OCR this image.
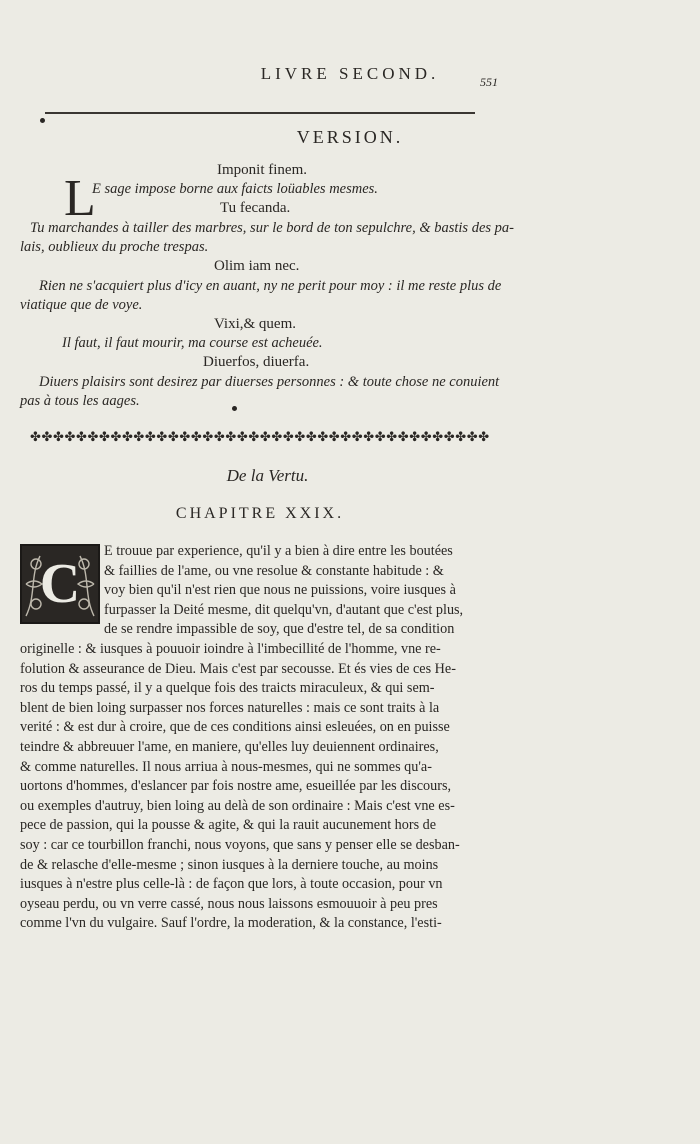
LIVRE SECOND.	551
VERSION.
L	Imponit finem.
E sage impose borne aux faicts loüables mesmes.
Tu fecanda.
Tu marchandes à tailler des marbres, sur le bord de ton sepulchre, & bastis des pa-
lais, oublieux du proche trespas.
Olim iam nec.
Rien ne s'acquiert plus d'icy en auant, ny ne perit pour moy : il me reste plus de
viatique que de voye.
Vixi,& quem.
Il faut, il faut mourir, ma course est acheuée.
Diuerfos, diuerfa.
Diuers plaisirs sont desirez par diuerses personnes : & toute chose ne conuient
pas à tous les aages.
✤✤✤✤✤✤✤✤✤✤✤✤✤✤✤✤✤✤✤✤✤✤✤✤✤✤✤✤✤✤✤✤✤✤✤✤✤✤✤✤
De la Vertu.
CHAPITRE XXIX.
C
E trouue par experience, qu'il y a bien à dire entre les boutées
& faillies de l'ame, ou vne resolue & constante habitude : &
voy bien qu'il n'est rien que nous ne puissions, voire iusques à
furpasser la Deité mesme, dit quelqu'vn, d'autant que c'est plus,
de se rendre impassible de soy, que d'estre tel, de sa condition
originelle : & iusques à pouuoir ioindre à l'imbecillité de l'homme, vne re-
folution & asseurance de Dieu. Mais c'est par secousse. Et és vies de ces He-
ros du temps passé, il y a quelque fois des traicts miraculeux, & qui sem-
blent de bien loing surpasser nos forces naturelles : mais ce sont traits à la
verité : & est dur à croire, que de ces conditions ainsi esleuées, on en puisse
teindre & abbreuuer l'ame, en maniere, qu'elles luy deuiennent ordinaires,
& comme naturelles. Il nous arriua à nous-mesmes, qui ne sommes qu'a-
uortons d'hommes, d'eslancer par fois nostre ame, esueillée par les discours,
ou exemples d'autruy, bien loing au delà de son ordinaire : Mais c'est vne es-
pece de passion, qui la pousse & agite, & qui la rauit aucunement hors de
soy : car ce tourbillon franchi, nous voyons, que sans y penser elle se desban-
de & relasche d'elle-mesme ; sinon iusques à la derniere touche, au moins
iusques à n'estre plus celle-là : de façon que lors, à toute occasion, pour vn
oyseau perdu, ou vn verre cassé, nous nous laissons esmouuoir à peu pres
comme l'vn du vulgaire. Sauf l'ordre, la moderation, & la constance, l'esti-
